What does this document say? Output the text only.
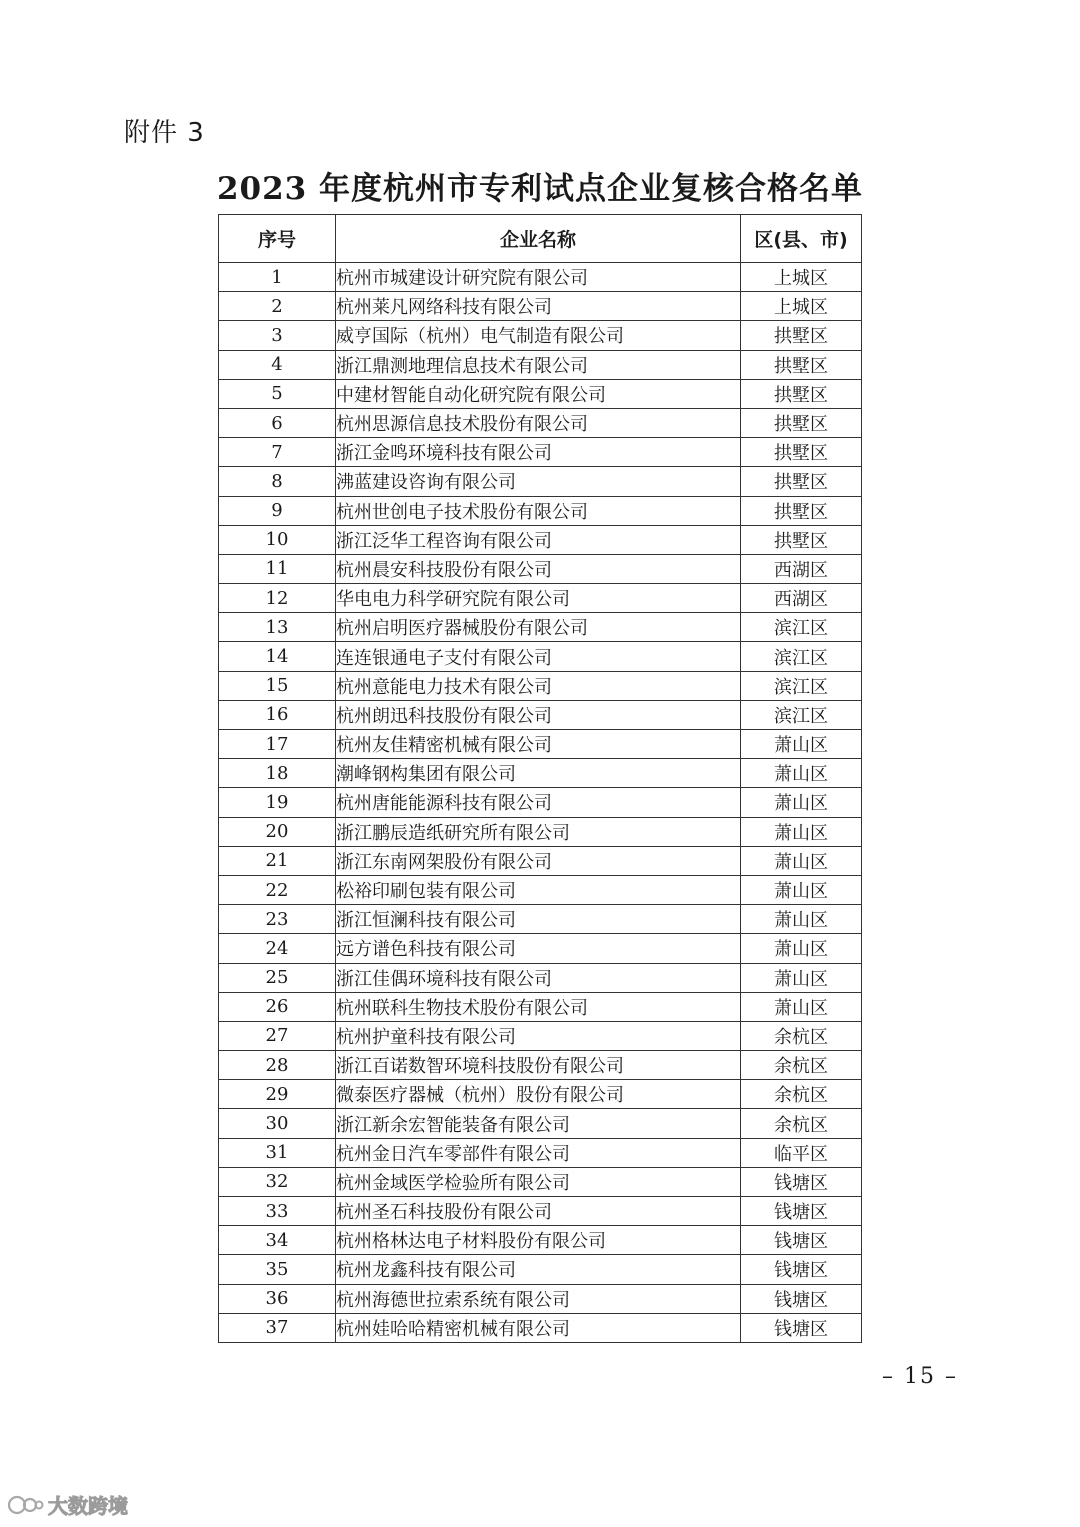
附件 3
2023 年度杭州市专利试点企业复核合格名单
序号	企业名称	区(县、市)
1	杭州市城建设计研究院有限公司	上城区
2	杭州莱凡网络科技有限公司	上城区
3	威亨国际（杭州）电气制造有限公司	拱墅区
4	浙江鼎测地理信息技术有限公司	拱墅区
5	中建材智能自动化研究院有限公司	拱墅区
6	杭州思源信息技术股份有限公司	拱墅区
7	浙江金鸣环境科技有限公司	拱墅区
8	沸蓝建设咨询有限公司	拱墅区
9	杭州世创电子技术股份有限公司	拱墅区
10	浙江泛华工程咨询有限公司	拱墅区
11	杭州晨安科技股份有限公司	西湖区
12	华电电力科学研究院有限公司	西湖区
13	杭州启明医疗器械股份有限公司	滨江区
14	连连银通电子支付有限公司	滨江区
15	杭州意能电力技术有限公司	滨江区
16	杭州朗迅科技股份有限公司	滨江区
17	杭州友佳精密机械有限公司	萧山区
18	潮峰钢构集团有限公司	萧山区
19	杭州唐能能源科技有限公司	萧山区
20	浙江鹏辰造纸研究所有限公司	萧山区
21	浙江东南网架股份有限公司	萧山区
22	松裕印刷包装有限公司	萧山区
23	浙江恒澜科技有限公司	萧山区
24	远方谱色科技有限公司	萧山区
25	浙江佳偶环境科技有限公司	萧山区
26	杭州联科生物技术股份有限公司	萧山区
27	杭州护童科技有限公司	余杭区
28	浙江百诺数智环境科技股份有限公司	余杭区
29	微泰医疗器械（杭州）股份有限公司	余杭区
30	浙江新余宏智能装备有限公司	余杭区
31	杭州金日汽车零部件有限公司	临平区
32	杭州金域医学检验所有限公司	钱塘区
33	杭州圣石科技股份有限公司	钱塘区
34	杭州格林达电子材料股份有限公司	钱塘区
35	杭州龙鑫科技有限公司	钱塘区
36	杭州海德世拉索系统有限公司	钱塘区
37	杭州娃哈哈精密机械有限公司	钱塘区
– 15 –
大数跨境
